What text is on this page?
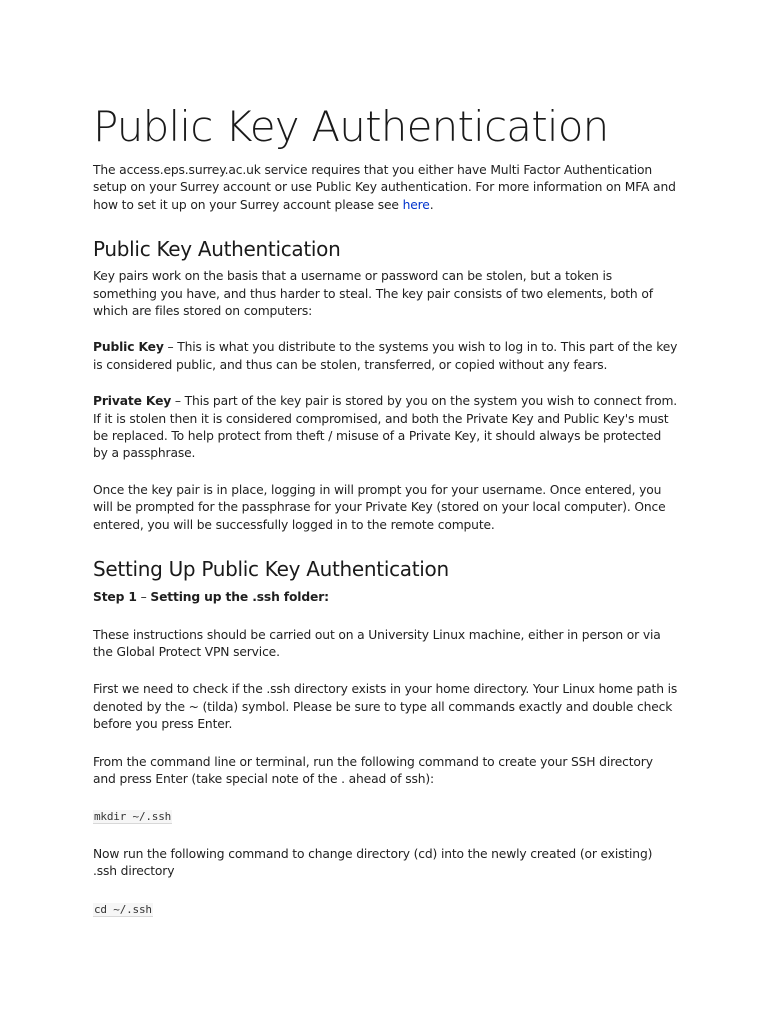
Public Key Authentication

The access.eps.surrey.ac.uk service requires that you either have Multi Factor Authentication setup on your Surrey account or use Public Key authentication. For more information on MFA and how to set it up on your Surrey account please see here.

Public Key Authentication

Key pairs work on the basis that a username or password can be stolen, but a token is something you have, and thus harder to steal. The key pair consists of two elements, both of which are files stored on computers:

Public Key – This is what you distribute to the systems you wish to log in to. This part of the key is considered public, and thus can be stolen, transferred, or copied without any fears.

Private Key – This part of the key pair is stored by you on the system you wish to connect from. If it is stolen then it is considered compromised, and both the Private Key and Public Key's must be replaced. To help protect from theft / misuse of a Private Key, it should always be protected by a passphrase.

Once the key pair is in place, logging in will prompt you for your username. Once entered, you will be prompted for the passphrase for your Private Key (stored on your local computer). Once entered, you will be successfully logged in to the remote compute.

Setting Up Public Key Authentication

Step 1 – Setting up the .ssh folder:

These instructions should be carried out on a University Linux machine, either in person or via the Global Protect VPN service.

First we need to check if the .ssh directory exists in your home directory. Your Linux home path is denoted by the ~ (tilda) symbol. Please be sure to type all commands exactly and double check before you press Enter.

From the command line or terminal, run the following command to create your SSH directory and press Enter (take special note of the . ahead of ssh):

mkdir ~/.ssh

Now run the following command to change directory (cd) into the newly created (or existing) .ssh directory

cd ~/.ssh
